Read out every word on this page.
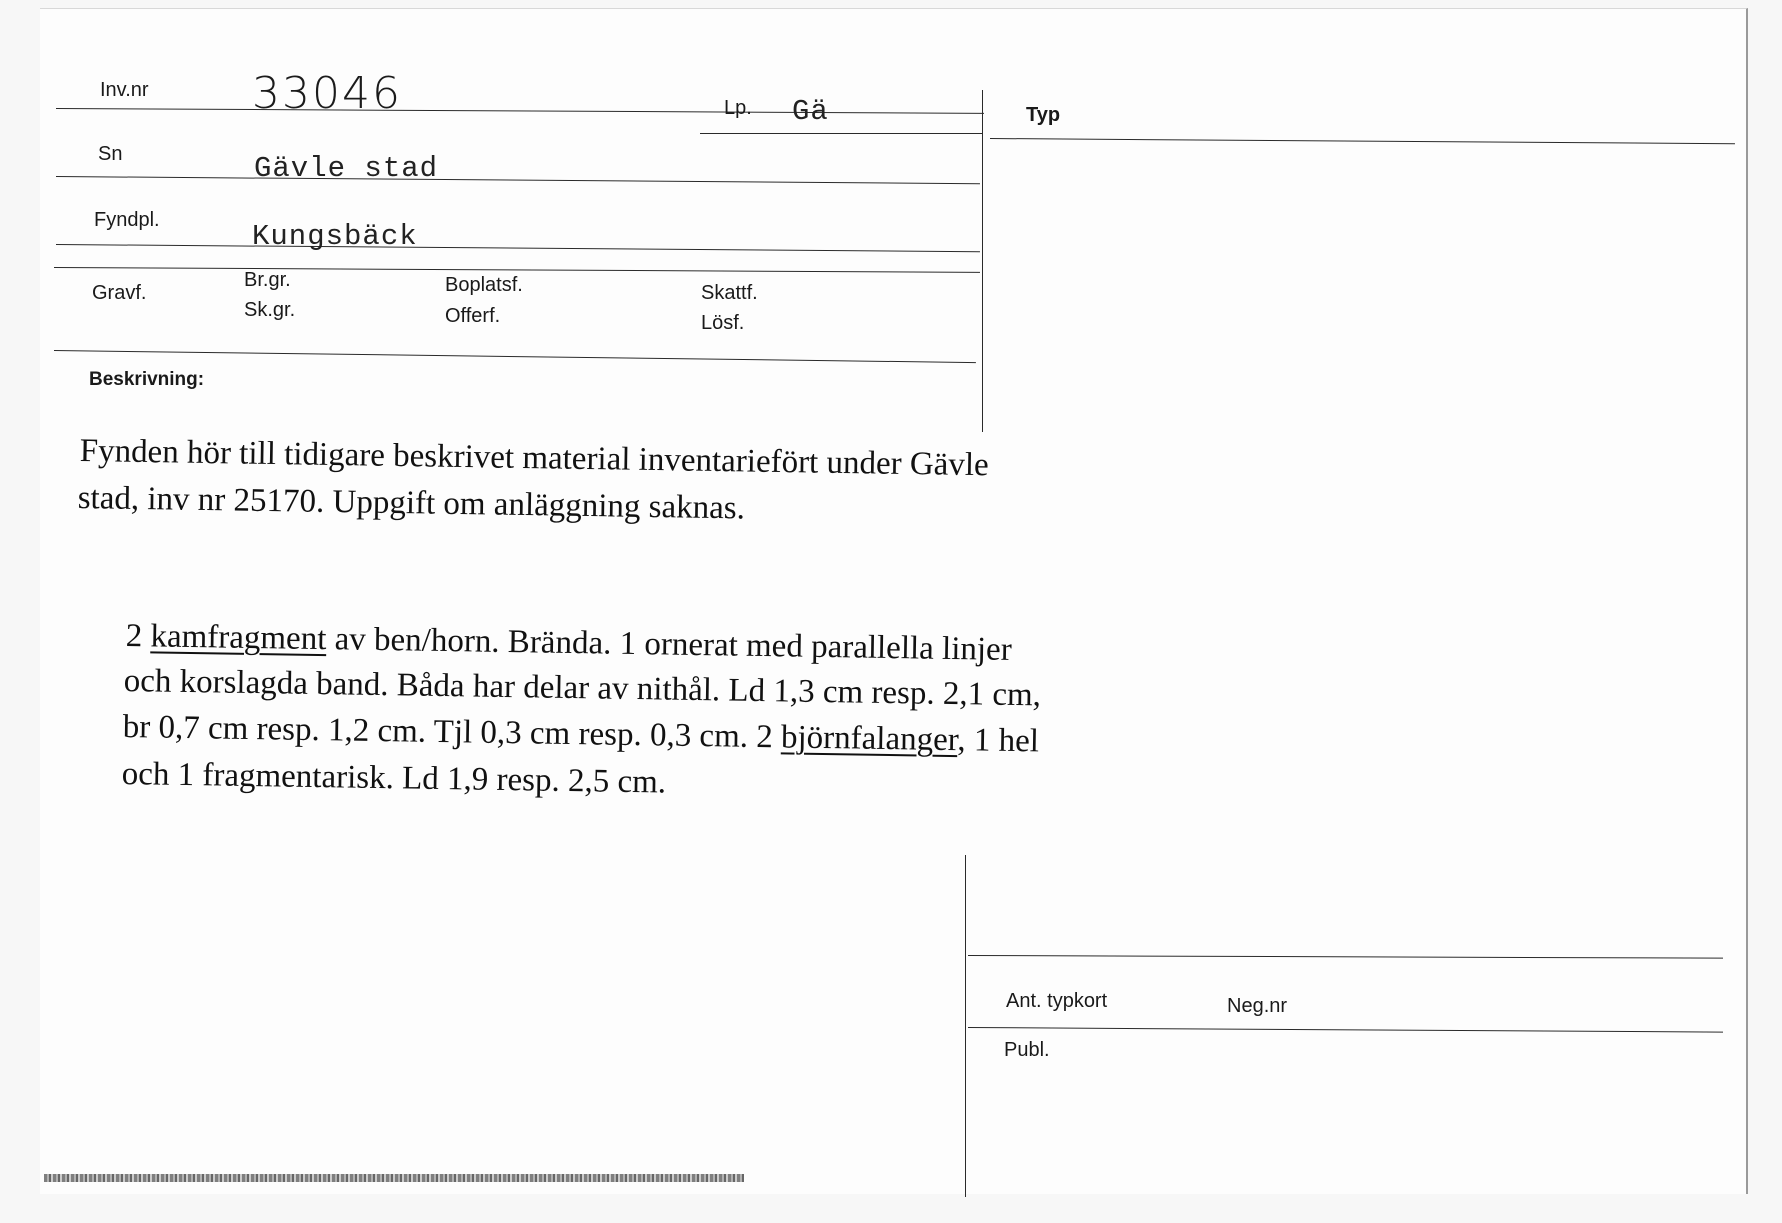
Inv.nr 33046	Lp. Gä	Typ
Sn	Gävle stad
Fyndpl.	Kungsbäck
Gravf.
Br.gr.
Sk.gr.
Boplatsf.
Offerf.
Skattf.
Lösf.
Beskrivning:
Fynden hör till tidigare beskrivet material inventariefört under Gävle
stad, inv nr 25170. Uppgift om anläggning saknas.
2 kamfragment av ben/horn. Brända. 1 ornerat med parallella linjer
och korslagda band. Båda har delar av nithål. Ld 1,3 cm resp. 2,1 cm,
br 0,7 cm resp. 1,2 cm. Tjl 0,3 cm resp. 0,3 cm. 2 björnfalanger, 1 hel
och 1 fragmentarisk. Ld 1,9 resp. 2,5 cm.
Ant. typkort	Neg.nr
Publ.
